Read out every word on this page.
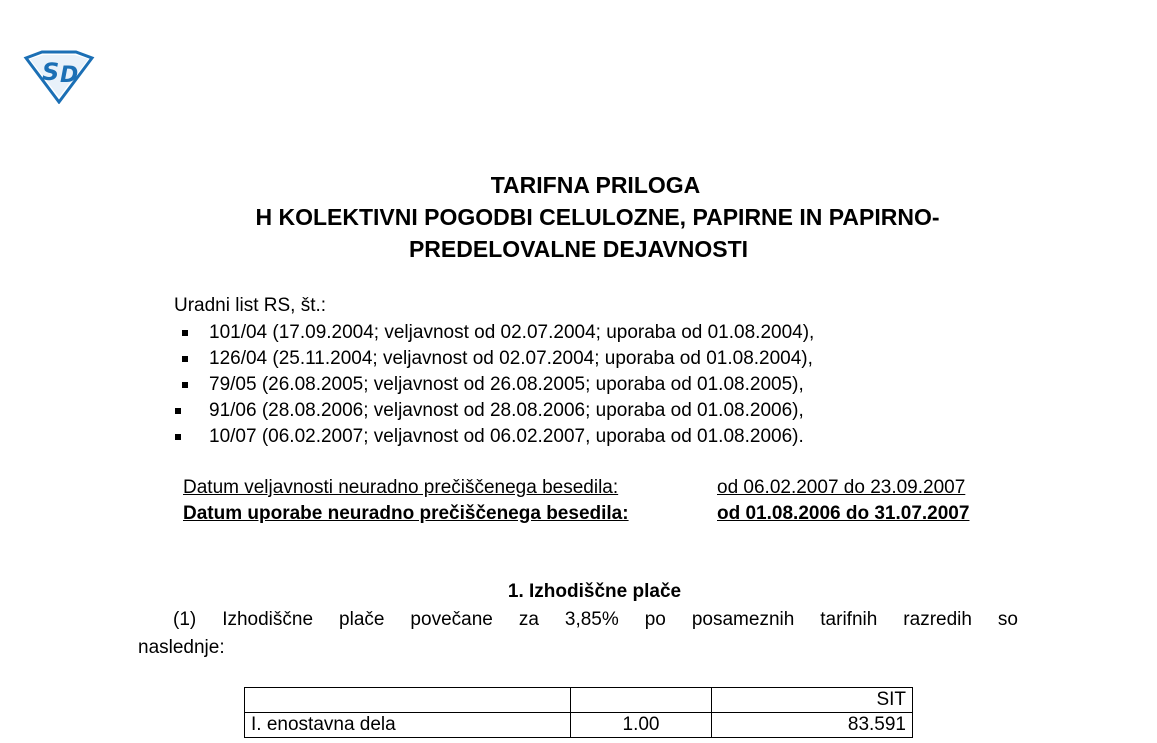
S D
TARIFNA PRILOGA
H KOLEKTIVNI POGODBI CELULOZNE, PAPIRNE IN PAPIRNO-
PREDELOVALNE DEJAVNOSTI
Uradni list RS, št.:
101/04 (17.09.2004; veljavnost od 02.07.2004; uporaba od 01.08.2004),
126/04 (25.11.2004; veljavnost od 02.07.2004; uporaba od 01.08.2004),
79/05 (26.08.2005; veljavnost od 26.08.2005; uporaba od 01.08.2005),
91/06 (28.08.2006; veljavnost od 28.08.2006; uporaba od 01.08.2006),
10/07 (06.02.2007; veljavnost od 06.02.2007, uporaba od 01.08.2006).
Datum veljavnosti neuradno prečiščenega besedila:	od 06.02.2007 do 23.09.2007
Datum uporabe neuradno prečiščenega besedila:	od 01.08.2006 do 31.07.2007
1. Izhodiščne plače
(1) Izhodiščne plače povečane za 3,85% po posameznih tarifnih razredih so
naslednje:
		SIT
I. enostavna dela	1.00	83.591
